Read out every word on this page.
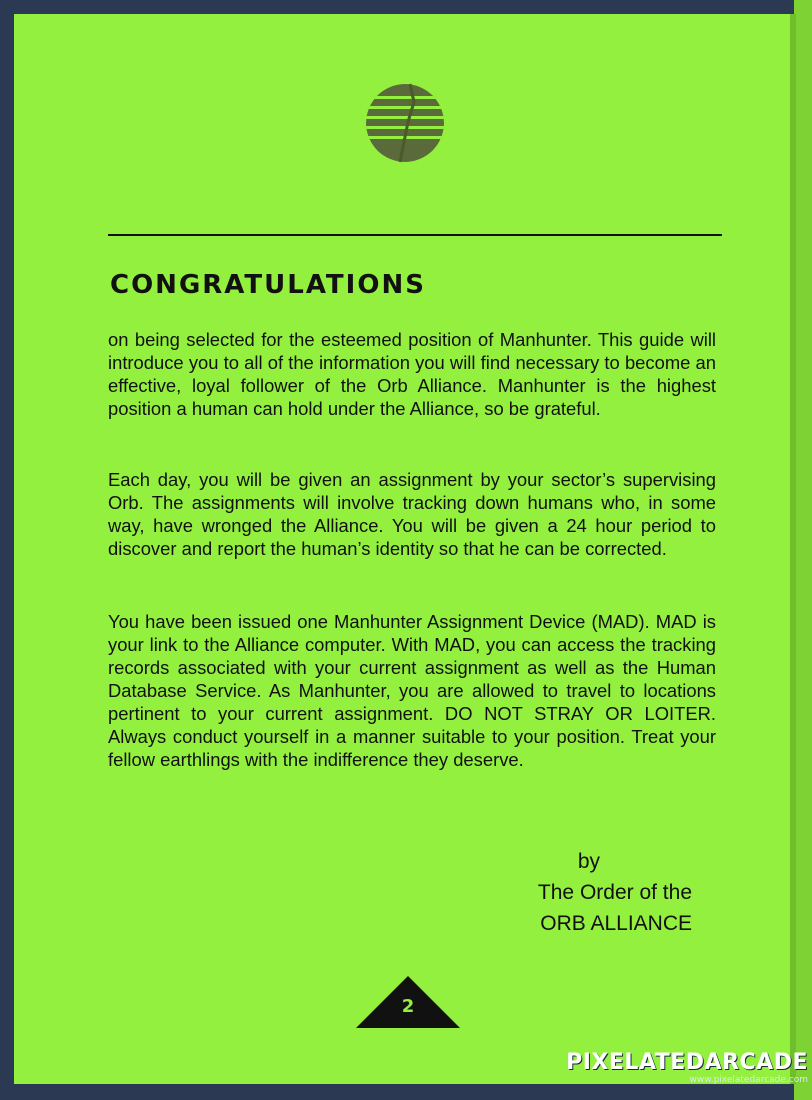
CONGRATULATIONS

on being selected for the esteemed position of Manhunter. This guide will introduce you to all of the information you will find necessary to become an effective, loyal follower of the Orb Alliance. Manhunter is the highest position a human can hold under the Alliance, so be grateful.

Each day, you will be given an assignment by your sector’s supervising Orb. The assignments will involve tracking down humans who, in some way, have wronged the Alliance. You will be given a 24 hour period to discover and report the human’s identity so that he can be corrected.

You have been issued one Manhunter Assignment Device (MAD). MAD is your link to the Alliance computer. With MAD, you can access the tracking records associated with your current assignment as well as the Human Database Service. As Manhunter, you are allowed to travel to locations pertinent to your current assignment. DO NOT STRAY OR LOITER. Always conduct yourself in a manner suitable to your position. Treat your fellow earthlings with the indifference they deserve.

by
The Order of the
ORB ALLIANCE
2
PIXELATEDARCADE
www.pixelatedarcade.com
